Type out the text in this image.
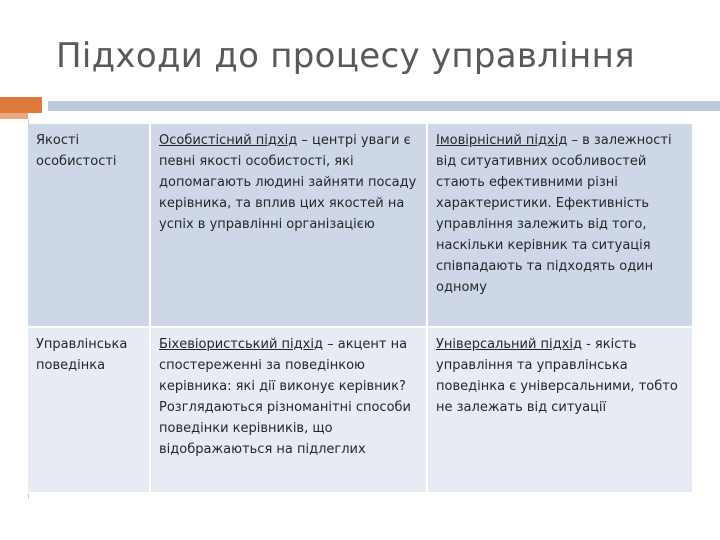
Підходи до процесу управління
Якості особистості	Особистісний підхід – центрі уваги є певні якості особистості, які допомагають людині зайняти посаду керівника, та вплив цих якостей на успіх в управлінні організацією	Імовірнісний підхід – в залежності від ситуативних особливостей стають ефективними різні характеристики. Ефективність управління залежить від того, наскільки керівник та ситуація співпадають та підходять один одному
Управлінська поведінка	Біхевіористський підхід – акцент на спостереженні за поведінкою керівника: які дії виконує керівник? Розглядаються різноманітні способи поведінки керівників, що відображаються на підлеглих	Універсальний підхід - якість управління та управлінська поведінка є універсальними, тобто не залежать від ситуації
